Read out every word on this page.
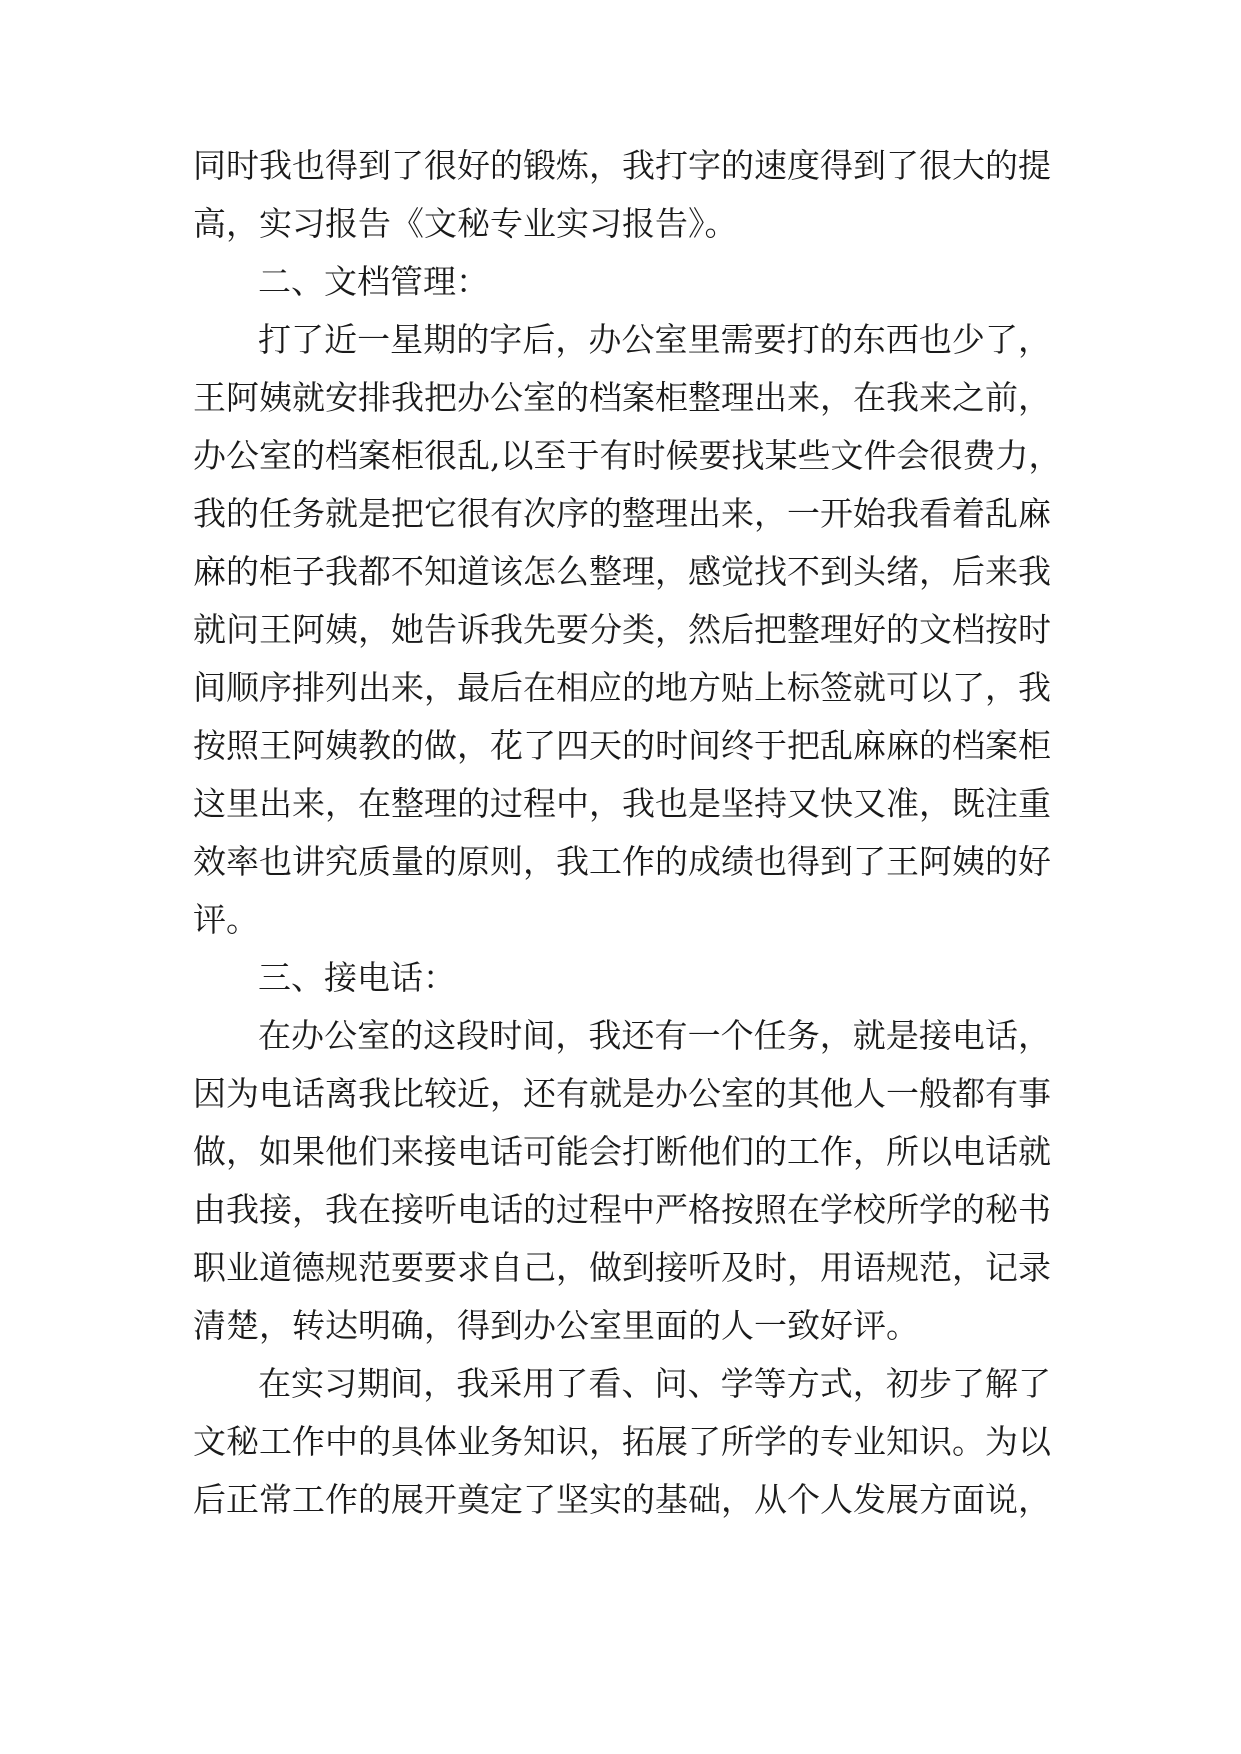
同时我也得到了很好的锻炼，我打字的速度得到了很大的提

高，实习报告《文秘专业实习报告》。

二、文档管理：

打了近一星期的字后，办公室里需要打的东西也少了，

王阿姨就安排我把办公室的档案柜整理出来，在我来之前，

办公室的档案柜很乱,以至于有时候要找某些文件会很费力，

我的任务就是把它很有次序的整理出来，一开始我看着乱麻

麻的柜子我都不知道该怎么整理，感觉找不到头绪，后来我

就问王阿姨，她告诉我先要分类，然后把整理好的文档按时

间顺序排列出来，最后在相应的地方贴上标签就可以了，我

按照王阿姨教的做，花了四天的时间终于把乱麻麻的档案柜

这里出来，在整理的过程中，我也是坚持又快又准，既注重

效率也讲究质量的原则，我工作的成绩也得到了王阿姨的好

评。

三、接电话：

在办公室的这段时间，我还有一个任务，就是接电话，

因为电话离我比较近，还有就是办公室的其他人一般都有事

做，如果他们来接电话可能会打断他们的工作，所以电话就

由我接，我在接听电话的过程中严格按照在学校所学的秘书

职业道德规范要要求自己，做到接听及时，用语规范，记录

清楚，转达明确，得到办公室里面的人一致好评。

在实习期间，我采用了看、问、学等方式，初步了解了

文秘工作中的具体业务知识，拓展了所学的专业知识。为以

后正常工作的展开奠定了坚实的基础，从个人发展方面说，
